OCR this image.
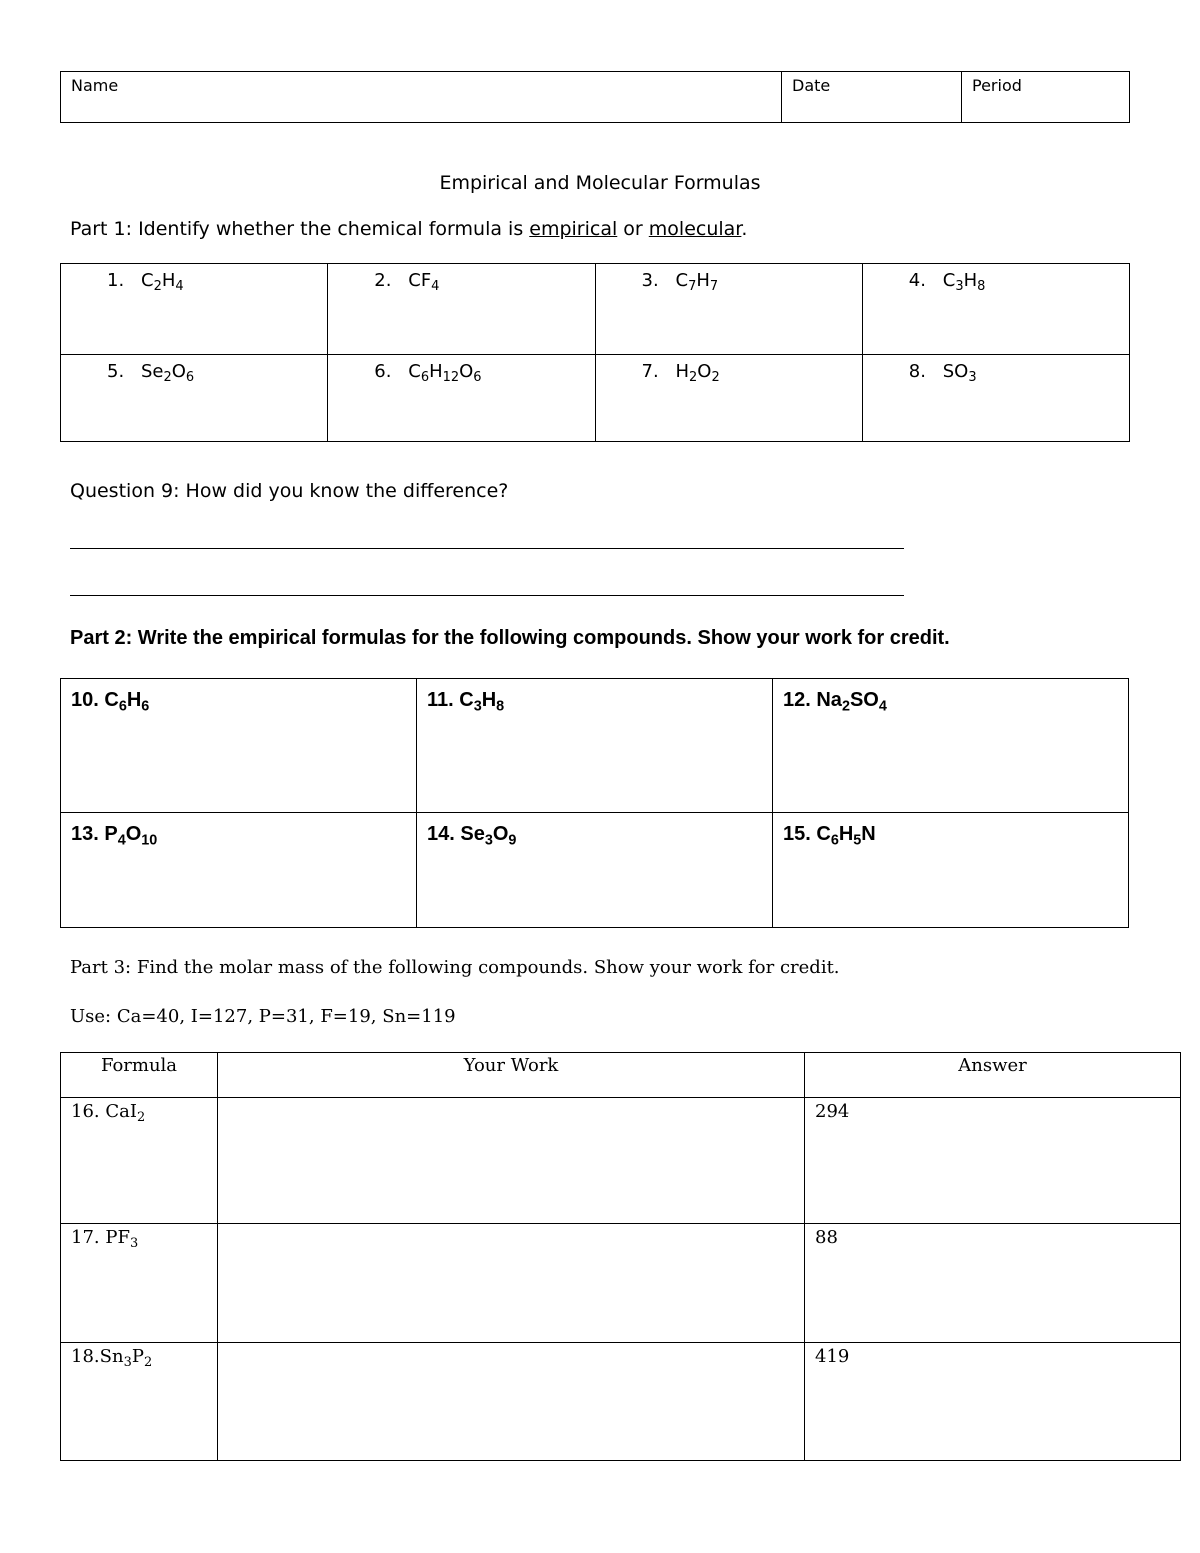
Name	Date	Period
Empirical and Molecular Formulas
Part 1: Identify whether the chemical formula is empirical or molecular.
1. $C_2H_4$	2. $CF_4$	3. $C_7H_7$	4. $C_3H_8$
5. $Se_2O_6$	6. $C_6H_{12}O_6$	7. $H_2O_2$	8. $SO_3$
Question 9: How did you know the difference?
Part 2: Write the empirical formulas for the following compounds. Show your work for credit.
10. $C_6H_6$	11. $C_3H_8$	12. $Na_2SO_4$
13. $P_4O_{10}$	14. $Se_3O_9$	15. $C_6H_5N$
Part 3: Find the molar mass of the following compounds. Show your work for credit.
Use: Ca=40, I=127, P=31, F=19, Sn=119
Formula	Your Work	Answer
16. CaI$_2$		294
17. $PF_3$		88
$18.Sn_3P_2$		419
